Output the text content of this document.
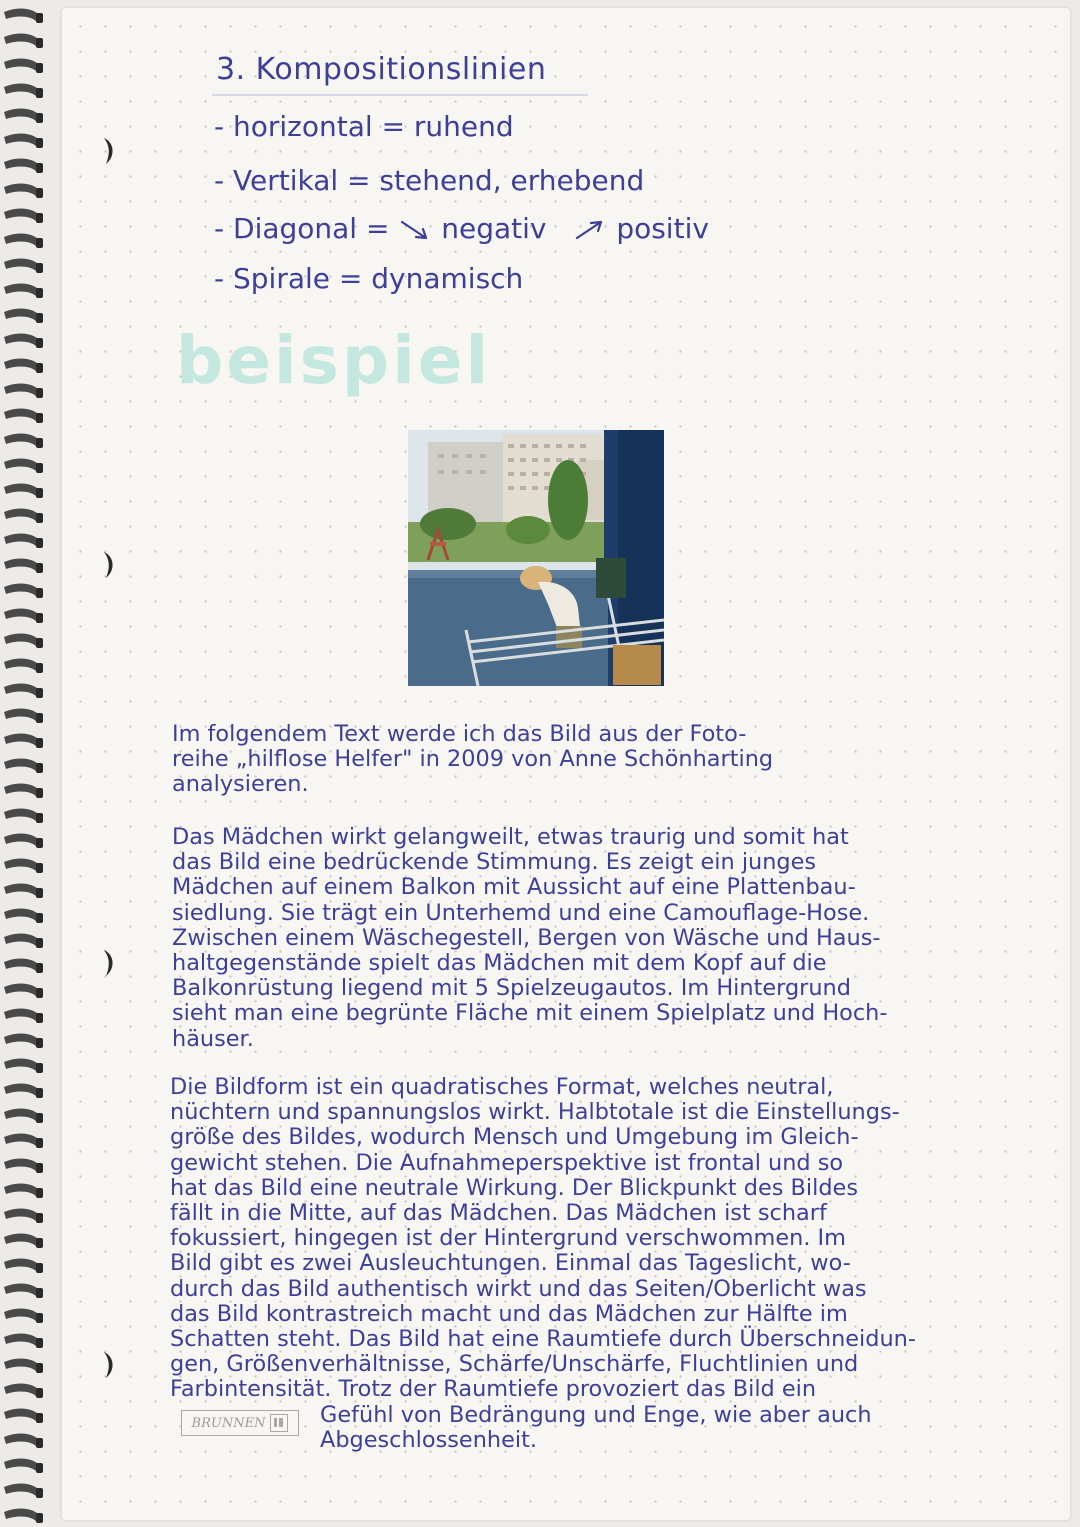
3. Kompositionslinien
- horizontal = ruhend
- Vertikal = stehend, erhebend
- Diagonal = negativ positiv
- Spirale = dynamisch
beispiel
Im folgendem Text werde ich das Bild aus der Foto-
reihe „hilflose Helfer" in 2009 von Anne Schönharting
analysieren.
Das Mädchen wirkt gelangweilt, etwas traurig und somit hat
das Bild eine bedrückende Stimmung. Es zeigt ein junges
Mädchen auf einem Balkon mit Aussicht auf eine Plattenbau-
siedlung. Sie trägt ein Unterhemd und eine Camouflage-Hose.
Zwischen einem Wäschegestell, Bergen von Wäsche und Haus-
haltgegenstände spielt das Mädchen mit dem Kopf auf die
Balkonrüstung liegend mit 5 Spielzeugautos. Im Hintergrund
sieht man eine begrünte Fläche mit einem Spielplatz und Hoch-
häuser.
Die Bildform ist ein quadratisches Format, welches neutral,
nüchtern und spannungslos wirkt. Halbtotale ist die Einstellungs-
größe des Bildes, wodurch Mensch und Umgebung im Gleich-
gewicht stehen. Die Aufnahmeperspektive ist frontal und so
hat das Bild eine neutrale Wirkung. Der Blickpunkt des Bildes
fällt in die Mitte, auf das Mädchen. Das Mädchen ist scharf
fokussiert, hingegen ist der Hintergrund verschwommen. Im
Bild gibt es zwei Ausleuchtungen. Einmal das Tageslicht, wo-
durch das Bild authentisch wirkt und das Seiten/Oberlicht was
das Bild kontrastreich macht und das Mädchen zur Hälfte im
Schatten steht. Das Bild hat eine Raumtiefe durch Überschneidun-
gen, Größenverhältnisse, Schärfe/Unschärfe, Fluchtlinien und
Farbintensität. Trotz der Raumtiefe provoziert das Bild ein
Gefühl von Bedrängung und Enge, wie aber auch
Abgeschlossenheit.
BRUNNEN
